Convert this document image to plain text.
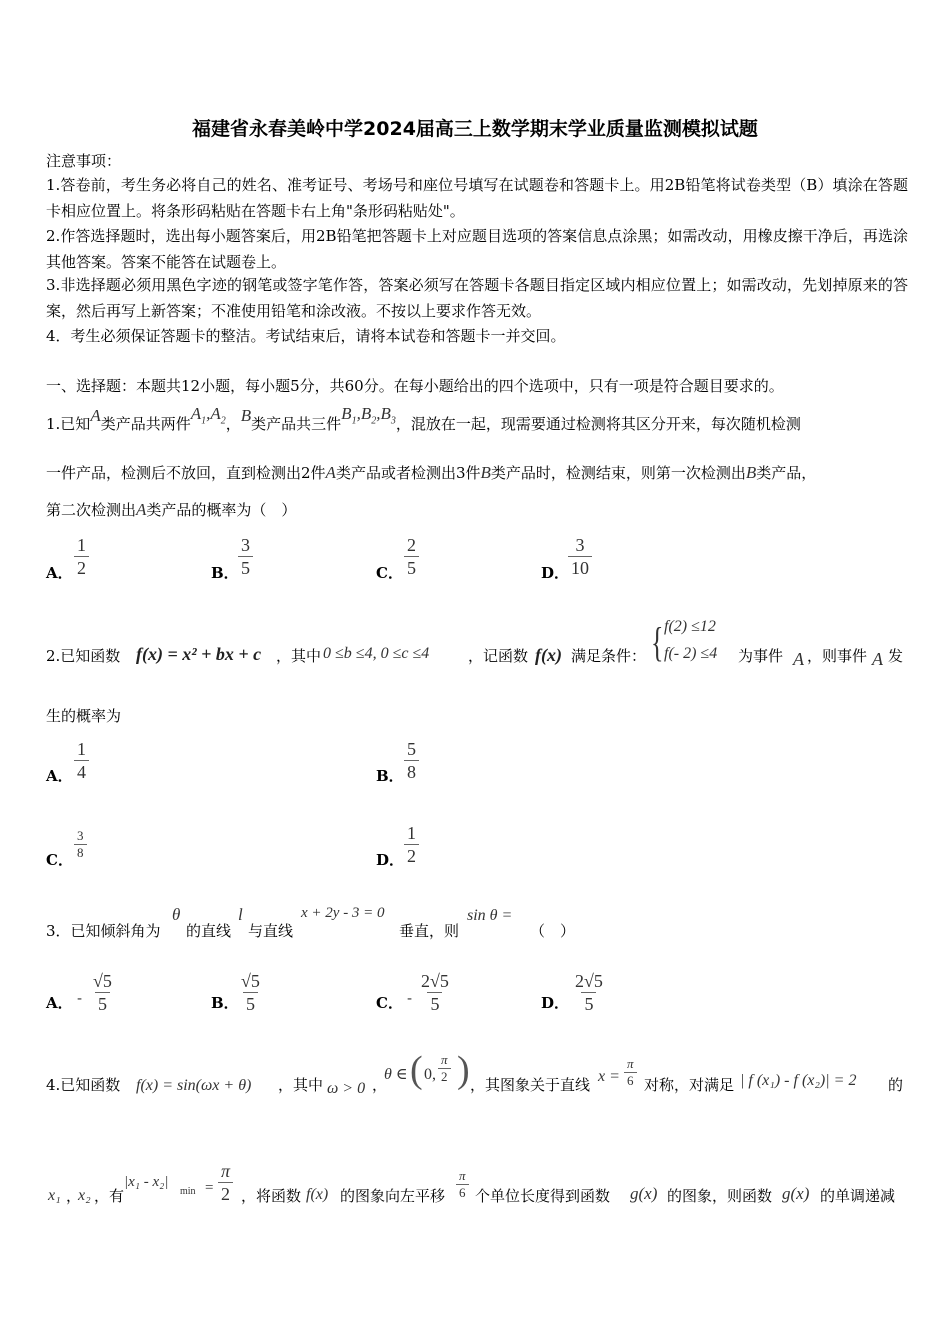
福建省永春美岭中学2024届高三上数学期末学业质量监测模拟试题
注意事项：
1.答卷前，考生务必将自己的姓名、准考证号、考场号和座位号填写在试题卷和答题卡上。用2B铅笔将试卷类型（B）填涂在答题卡相应位置上。将条形码粘贴在答题卡右上角"条形码粘贴处"。
2.作答选择题时，选出每小题答案后，用2B铅笔把答题卡上对应题目选项的答案信息点涂黑；如需改动，用橡皮擦干净后，再选涂其他答案。答案不能答在试题卷上。
3.非选择题必须用黑色字迹的钢笔或签字笔作答，答案必须写在答题卡各题目指定区域内相应位置上；如需改动，先划掉原来的答案，然后再写上新答案；不准使用铅笔和涂改液。不按以上要求作答无效。
4．考生必须保证答题卡的整洁。考试结束后，请将本试卷和答题卡一并交回。
一、选择题：本题共12小题，每小题5分，共60分。在每小题给出的四个选项中，只有一项是符合题目要求的。
1.已知A类产品共两件$A_1,A_2$，B类产品共三件$B_1,B_2,B_3$，混放在一起，现需要通过检测将其区分开来，每次随机检测
一件产品，检测后不放回，直到检测出2件A类产品或者检测出3件B类产品时，检测结束，则第一次检测出B类产品，
第二次检测出A类产品的概率为（　）
A． $\frac{1}{2}$	B． $\frac{3}{5}$	C． $\frac{2}{5}$	D．
$\frac{3}{10}$
2.已知函数 f(x) = x² + bx + c ，其中 0 ≤b ≤4, 0 ≤c ≤4	，记函数 f(x) 满足条件： { f(2) ≤12
f(- 2) ≤4 为事件 A ，则事件 A 发
生的概率为
A． $\frac{1}{4}$	B． $\frac{5}{8}$
C． $\frac{3}{8}$	D． $\frac{1}{2}$
3．已知倾斜角为
θ
的直线
l
与直线
x + 2y - 3 = 0
垂直，则
sin θ =
（　）
A． - $\frac{√5}{5}$	B． $\frac{√5}{5}$	C． - $\frac{2√5}{5}$	D． $\frac{2√5}{5}$
4.已知函数 f(x) = sin(ωx + θ) ，其中 ω > 0 ，
θ ∈ ( 0, $\frac{\pi}{2}$ ) ，其图象关于直线 $x = \frac{\pi}{6}$ 对称，对满足 | f (x₁) - f (x₂)| = 2 的
x₁ ，
x₂ ，有
|x₁ - x₂|
$\min = \frac{\pi}{2}$ ，将函数 f(x) 的图象向左平移 $\frac{\pi}{6}$ 个单位长度得到函数 g(x) 的图象，则函数 g(x) 的单调递减
